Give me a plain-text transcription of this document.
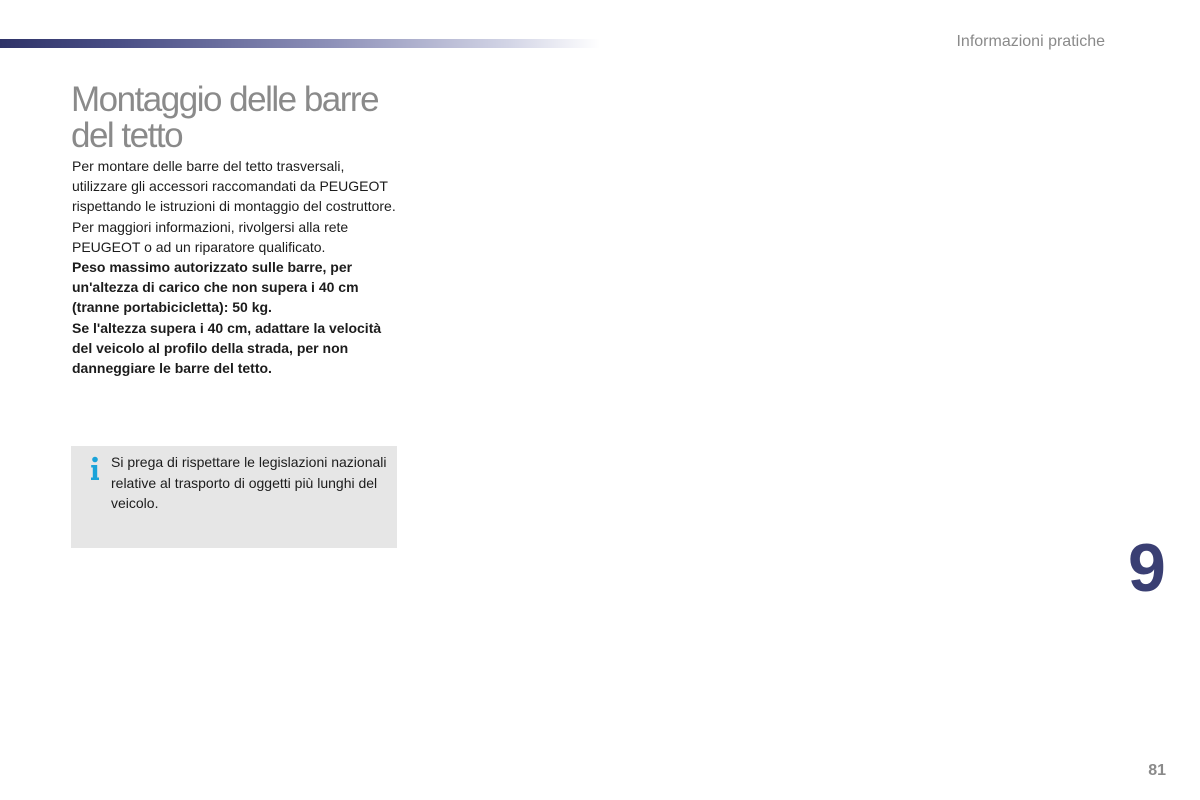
Informazioni pratiche
Montaggio delle barre del tetto

Per montare delle barre del tetto trasversali, utilizzare gli accessori raccomandati da PEUGEOT rispettando le istruzioni di montaggio del costruttore.

Per maggiori informazioni, rivolgersi alla rete PEUGEOT o ad un riparatore qualificato.

Peso massimo autorizzato sulle barre, per un'altezza di carico che non supera i 40 cm (tranne portabicicletta): 50 kg.

Se l'altezza supera i 40 cm, adattare la velocità del veicolo al profilo della strada, per non danneggiare le barre del tetto.

Si prega di rispettare le legislazioni nazionali relative al trasporto di oggetti più lunghi del veicolo.
9
81
